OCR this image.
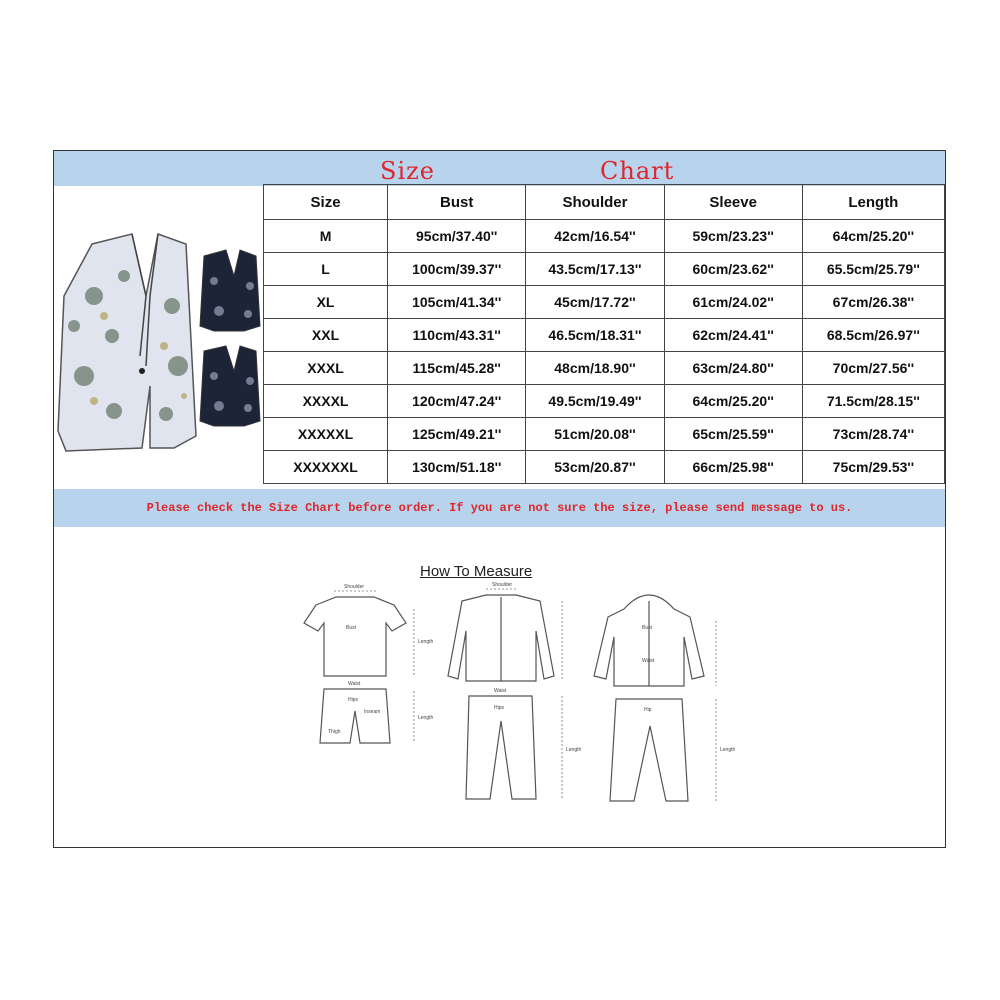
Size	Chart
Size	Bust	Shoulder	Sleeve	Length
M	95cm/37.40''	42cm/16.54''	59cm/23.23''	64cm/25.20''
L	100cm/39.37''	43.5cm/17.13''	60cm/23.62''	65.5cm/25.79''
XL	105cm/41.34''	45cm/17.72''	61cm/24.02''	67cm/26.38''
XXL	110cm/43.31''	46.5cm/18.31''	62cm/24.41''	68.5cm/26.97''
XXXL	115cm/45.28''	48cm/18.90''	63cm/24.80''	70cm/27.56''
XXXXL	120cm/47.24''	49.5cm/19.49''	64cm/25.20''	71.5cm/28.15''
XXXXXL	125cm/49.21''	51cm/20.08''	65cm/25.59''	73cm/28.74''
XXXXXXL	130cm/51.18''	53cm/20.87''	66cm/25.98''	75cm/29.53''
Please check the Size Chart before order. If you are not sure the size, please send message to us.
How To Measure
Shoulder
Bust
Length
Waist
Hips
Inseam
Thigh
Length
Shoulder
Waist
Hips
Length
Bust
Waist
Hip
Length
